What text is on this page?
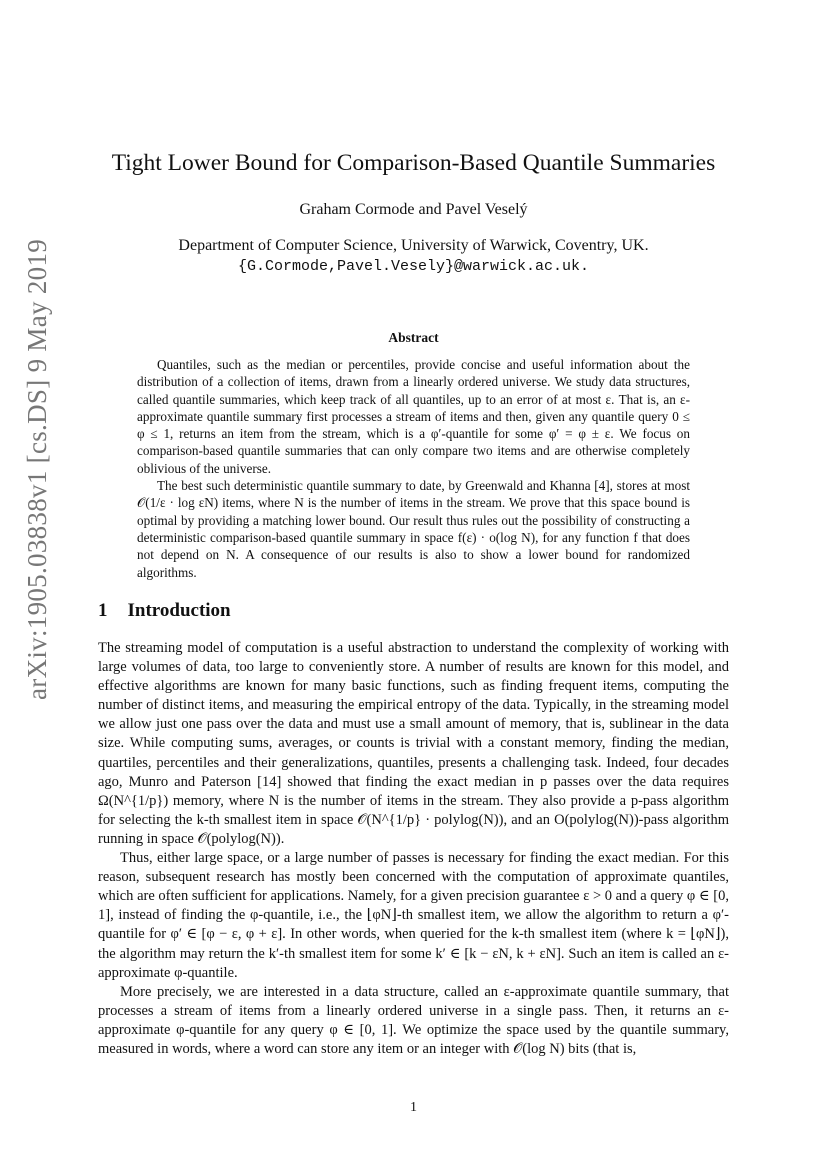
arXiv:1905.03838v1 [cs.DS] 9 May 2019
Tight Lower Bound for Comparison-Based Quantile Summaries
Graham Cormode and Pavel Veselý
Department of Computer Science, University of Warwick, Coventry, UK.
{G.Cormode,Pavel.Vesely}@warwick.ac.uk.
Abstract

Quantiles, such as the median or percentiles, provide concise and useful information about the distribution of a collection of items, drawn from a linearly ordered universe. We study data structures, called quantile summaries, which keep track of all quantiles, up to an error of at most ε. That is, an ε-approximate quantile summary first processes a stream of items and then, given any quantile query 0 ≤ φ ≤ 1, returns an item from the stream, which is a φ′-quantile for some φ′ = φ ± ε. We focus on comparison-based quantile summaries that can only compare two items and are otherwise completely oblivious of the universe.

The best such deterministic quantile summary to date, by Greenwald and Khanna [4], stores at most 𝒪(1/ε · log εN) items, where N is the number of items in the stream. We prove that this space bound is optimal by providing a matching lower bound. Our result thus rules out the possibility of constructing a deterministic comparison-based quantile summary in space f(ε) · o(log N), for any function f that does not depend on N. A consequence of our results is also to show a lower bound for randomized algorithms.

1 Introduction

The streaming model of computation is a useful abstraction to understand the complexity of working with large volumes of data, too large to conveniently store. A number of results are known for this model, and effective algorithms are known for many basic functions, such as finding frequent items, computing the number of distinct items, and measuring the empirical entropy of the data. Typically, in the streaming model we allow just one pass over the data and must use a small amount of memory, that is, sublinear in the data size. While computing sums, averages, or counts is trivial with a constant memory, finding the median, quartiles, percentiles and their generalizations, quantiles, presents a challenging task. Indeed, four decades ago, Munro and Paterson [14] showed that finding the exact median in p passes over the data requires Ω(N^{1/p}) memory, where N is the number of items in the stream. They also provide a p-pass algorithm for selecting the k-th smallest item in space 𝒪(N^{1/p} · polylog(N)), and an O(polylog(N))-pass algorithm running in space 𝒪(polylog(N)).

Thus, either large space, or a large number of passes is necessary for finding the exact median. For this reason, subsequent research has mostly been concerned with the computation of approximate quantiles, which are often sufficient for applications. Namely, for a given precision guarantee ε > 0 and a query φ ∈ [0, 1], instead of finding the φ-quantile, i.e., the ⌊φN⌋-th smallest item, we allow the algorithm to return a φ′-quantile for φ′ ∈ [φ − ε, φ + ε]. In other words, when queried for the k-th smallest item (where k = ⌊φN⌋), the algorithm may return the k′-th smallest item for some k′ ∈ [k − εN, k + εN]. Such an item is called an ε-approximate φ-quantile.

More precisely, we are interested in a data structure, called an ε-approximate quantile summary, that processes a stream of items from a linearly ordered universe in a single pass. Then, it returns an ε-approximate φ-quantile for any query φ ∈ [0, 1]. We optimize the space used by the quantile summary, measured in words, where a word can store any item or an integer with 𝒪(log N) bits (that is,

1
